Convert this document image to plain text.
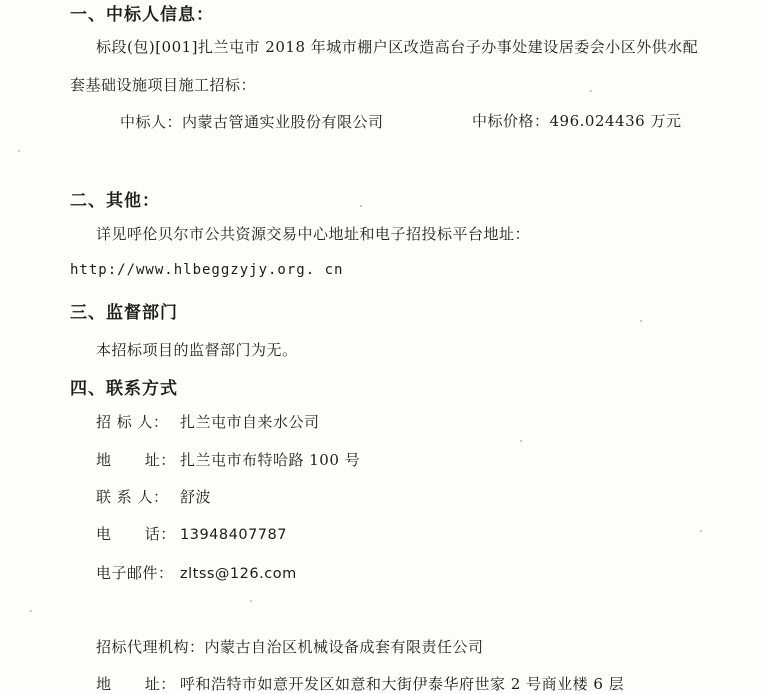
一、中标人信息：
标段(包)[001]扎兰屯市 2018 年城市棚户区改造高台子办事处建设居委会小区外供水配
套基础设施项目施工招标：
中标人：内蒙古管通实业股份有限公司	中标价格：496.024436 万元
二、其他：
详见呼伦贝尔市公共资源交易中心地址和电子招投标平台地址：
http://www.hlbeggzyjy.org. cn
三、监督部门
本招标项目的监督部门为无。
四、联系方式
招 标 人： 扎兰屯市自来水公司
地 址： 扎兰屯市布特哈路 100 号
联 系 人： 舒波
电 话： 13948407787
电子邮件： zltss@126.com
招标代理机构：内蒙古自治区机械设备成套有限责任公司
地 址： 呼和浩特市如意开发区如意和大街伊泰华府世家 2 号商业楼 6 层
